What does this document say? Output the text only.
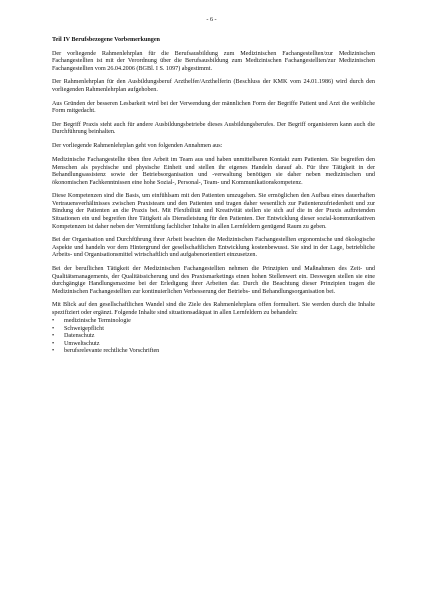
- 6 -
Teil IV Berufsbezogene Vorbemerkungen

Der vorliegende Rahmenlehrplan für die Berufsausbildung zum Medizinischen Fachangestellten/zur Medizinischen Fachangestellten ist mit der Verordnung über die Berufsausbildung zum Medizinischen Fachangestellten/zur Medizinischen Fachangestellten vom 26.04.2006 (BGBl. I S. 1097) abgestimmt.

Der Rahmenlehrplan für den Ausbildungsberuf Arzthelfer/Arzthelferin (Beschluss der KMK vom 24.01.1986) wird durch den vorliegenden Rahmenlehrplan aufgehoben.

Aus Gründen der besseren Lesbarkeit wird bei der Verwendung der männlichen Form der Begriffe Patient und Arzt die weibliche Form mitgedacht.

Der Begriff Praxis steht auch für andere Ausbildungsbetriebe dieses Ausbildungsberufes. Der Begriff organisieren kann auch die Durchführung beinhalten.

Der vorliegende Rahmenlehrplan geht von folgenden Annahmen aus:

Medizinische Fachangestellte üben ihre Arbeit im Team aus und haben unmittelbaren Kontakt zum Patienten. Sie begreifen den Menschen als psychische und physische Einheit und stellen ihr eigenes Handeln darauf ab. Für ihre Tätigkeit in der Behandlungsassistenz sowie der Betriebsorganisation und -verwaltung benötigen sie daher neben medizinischen und ökonomischen Fachkenntnissen eine hohe Sozial-, Personal-, Team- und Kommunikationskompetenz.

Diese Kompetenzen sind die Basis, um einfühlsam mit den Patienten umzugehen. Sie ermöglichen den Aufbau eines dauerhaften Vertrauensverhältnisses zwischen Praxisteam und den Patienten und tragen daher wesentlich zur Patientenzufriedenheit und zur Bindung der Patienten an die Praxis bei. Mit Flexibilität und Kreativität stellen sie sich auf die in der Praxis auftretenden Situationen ein und begreifen ihre Tätigkeit als Dienstleistung für den Patienten. Der Entwicklung dieser sozial-kommunikativen Kompetenzen ist daher neben der Vermittlung fachlicher Inhalte in allen Lernfeldern genügend Raum zu geben.

Bei der Organisation und Durchführung ihrer Arbeit beachten die Medizinischen Fachangestellten ergonomische und ökologische Aspekte und handeln vor dem Hintergrund der gesellschaftlichen Entwicklung kostenbewusst. Sie sind in der Lage, betriebliche Arbeits- und Organisationsmittel wirtschaftlich und aufgabenorientiert einzusetzen.

Bei der beruflichen Tätigkeit der Medizinischen Fachangestellten nehmen die Prinzipien und Maßnahmen des Zeit- und Qualitätsmanagements, der Qualitätssicherung und des Praxismarketings einen hohen Stellenwert ein. Deswegen stellen sie eine durchgängige Handlungsmaxime bei der Erledigung ihrer Arbeiten dar. Durch die Beachtung dieser Prinzipien tragen die Medizinischen Fachangestellten zur kontinuierlichen Verbesserung der Betriebs- und Behandlungsorganisation bei.

Mit Blick auf den gesellschaftlichen Wandel sind die Ziele des Rahmenlehrplans offen formuliert. Sie werden durch die Inhalte spezifiziert oder ergänzt. Folgende Inhalte sind situationsadäquat in allen Lernfeldern zu behandeln:

• medizinische Terminologie
• Schweigepflicht
• Datenschutz
• Umweltschutz
• berufsrelevante rechtliche Vorschriften
